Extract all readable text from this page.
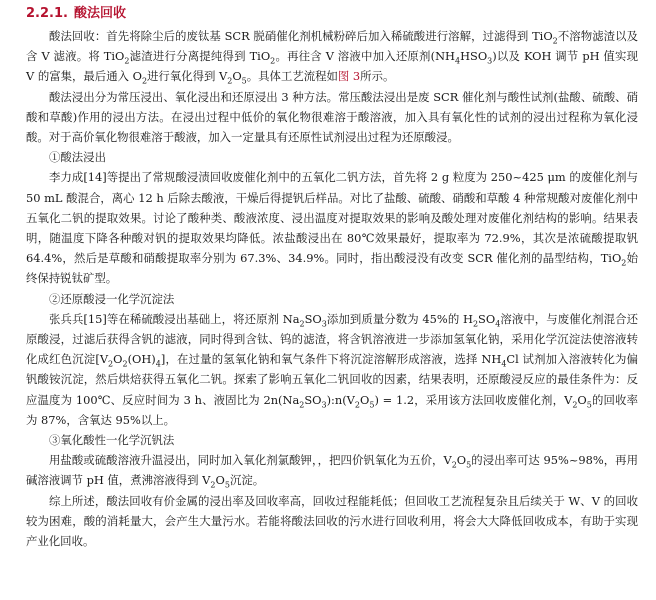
2.2.1. 酸法回收

酸法回收：首先将除尘后的废钛基 SCR 脱硝催化剂机械粉碎后加入稀硫酸进行溶解，过滤得到 TiO$_2$不溶物滤渣以及含 V 滤液。将 TiO$_2$滤渣进行分离提纯得到 TiO$_2$。再往含 V 溶液中加入还原剂$(NH_4HSO_3)$以及 KOH 调节 pH 值实现 V 的富集，最后通入 $O_2$进行氧化得到 $V_2O_5$。具体工艺流程如图 3所示。

酸法浸出分为常压浸出、氧化浸出和还原浸出 3 种方法。常压酸法浸出是废 SCR 催化剂与酸性试剂(盐酸、硫酸、硝酸和草酸)作用的浸出方法。在浸出过程中低价的氧化物很难溶于酸溶液，加入具有氧化性的试剂的浸出过程称为氧化浸酸。对于高价氧化物很难溶于酸液，加入一定量具有还原性试剂浸出过程为还原酸浸。

①酸法浸出

李力成[14]等提出了常规酸浸渍回收废催化剂中的五氧化二钒方法，首先将 2 g 粒度为 250~425 μm 的废催化剂与 50 mL 酸混合，离心 12 h 后除去酸液，干燥后得提钒后样品。对比了盐酸、硫酸、硝酸和草酸 4 种常规酸对废催化剂中五氧化二钒的提取效果。讨论了酸种类、酸液浓度、浸出温度对提取效果的影响及酸处理对废催化剂结构的影响。结果表明，随温度下降各种酸对钒的提取效果均降低。浓盐酸浸出在 80℃效果最好，提取率为 72.9%，其次是浓硫酸提取钒 64.4%，然后是草酸和硝酸提取率分别为 67.3%、34.9%。同时，指出酸浸没有改变 SCR 催化剂的晶型结构，TiO$_2$始终保持锐钛矿型。

②还原酸浸一化学沉淀法

张兵兵[15]等在稀硫酸浸出基础上，将还原剂 $Na_2SO_3$添加到质量分数为 45%的 $H_2SO_4$溶液中，与废催化剂混合还原酸浸，过滤后获得含钒的滤液，同时得到含钛、钨的滤渣，将含钒溶液进一步添加氢氧化钠，采用化学沉淀法使溶液转化成红色沉淀$[V_2O_2(OH)_4]$，在过量的氢氧化钠和氧气条件下将沉淀溶解形成溶液，选择 $NH_4Cl$ 试剂加入溶液转化为偏钒酸铵沉淀，然后烘焙获得五氧化二钒。探索了影响五氧化二钒回收的因素，结果表明，还原酸浸反应的最佳条件为：反应温度为 100℃、反应时间为 3 h、液固比为 $2n(Na_2SO_3):n(V_2O_5) = 1.2$，采用该方法回收废催化剂，$V_2O_5$的回收率为 87%，含氧达 95%以上。

③氧化酸性一化学沉钒法

用盐酸或硫酸溶液升温浸出，同时加入氧化剂氯酸钾，，把四价钒氧化为五价，$V_2O_5$的浸出率可达 95%~98%，再用碱溶液调节 pH 值，煮沸溶液得到 $V_2O_5$沉淀。

综上所述，酸法回收有价金属的浸出率及回收率高，回收过程能耗低；但回收工艺流程复杂且后续关于 W、V 的回收较为困难，酸的消耗量大，会产生大量污水。若能将酸法回收的污水进行回收利用，将会大大降低回收成本，有助于实现产业化回收。
